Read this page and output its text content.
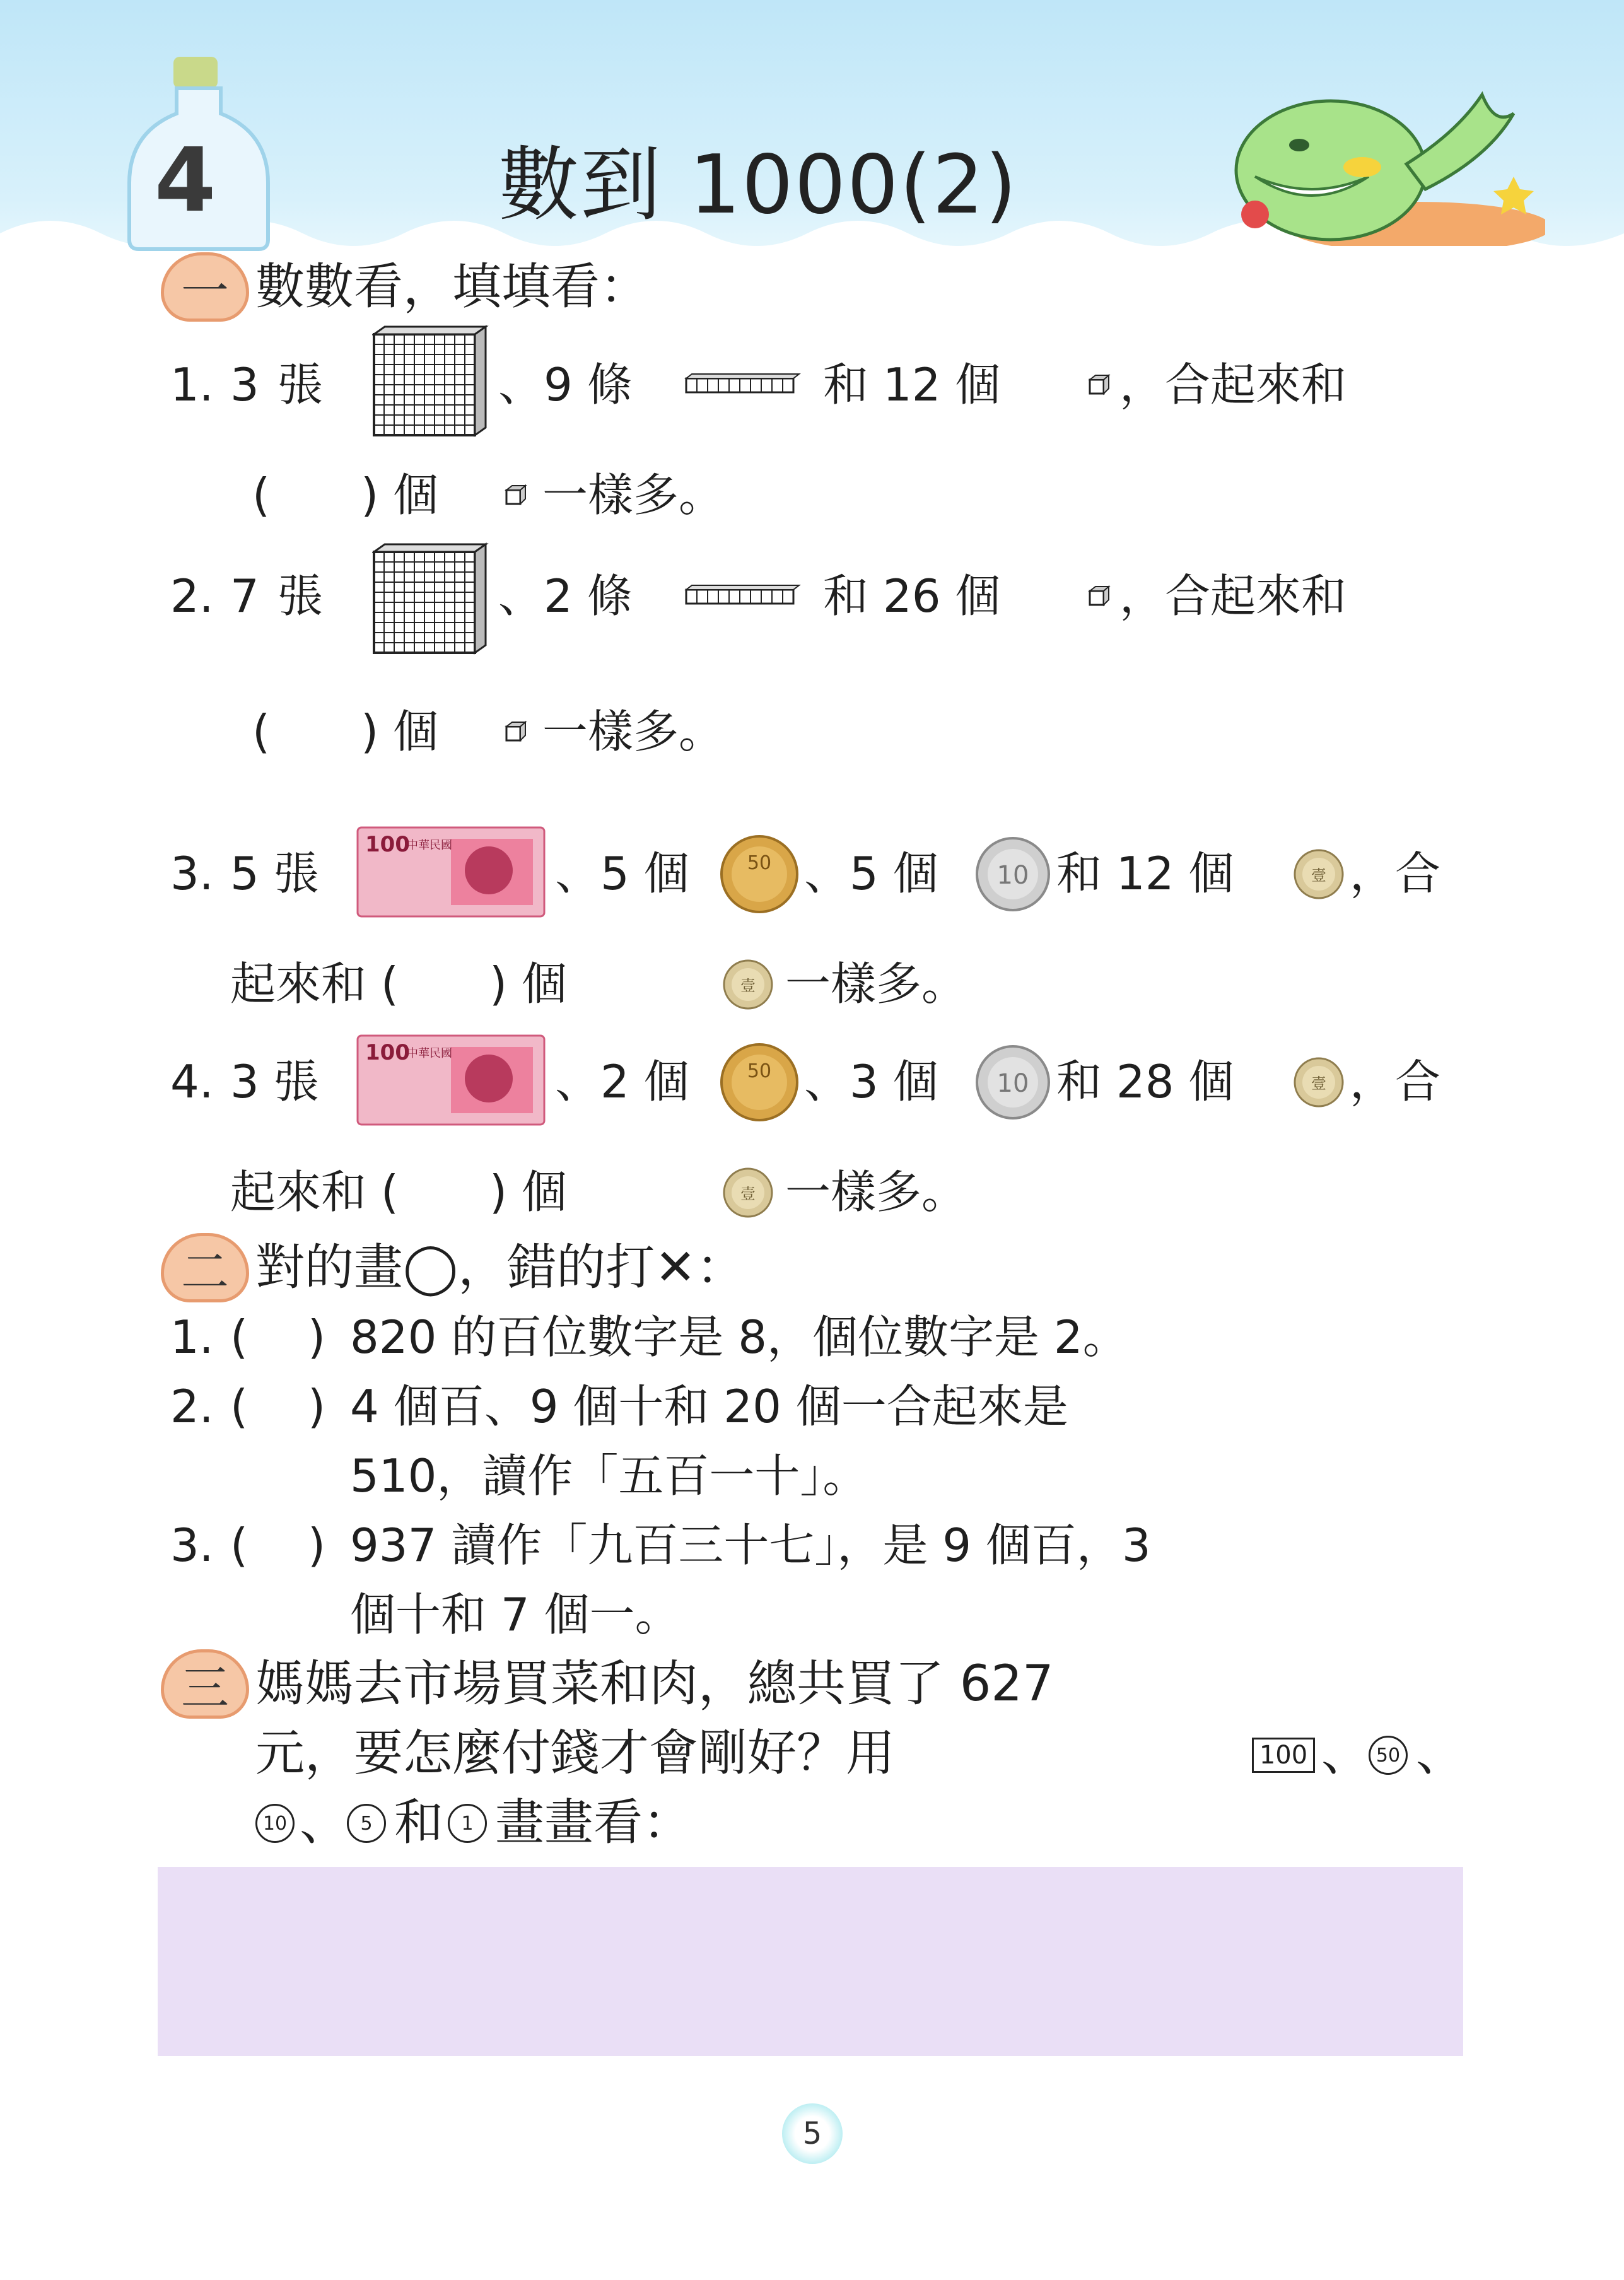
4	數到 1000(2)
一 數數看，填填看：
1. 3 張	、9 條	和 12 個	，合起來和
(　　) 個 一樣多。
2. 7 張	、2 條	和 26 個	，合起來和
(　　) 個 一樣多。
3. 5 張
100
中華民國
、5 個	50 、5 個 10 和 12 個	壹 ，合
起來和 (　　) 個	壹 一樣多。
4. 3 張
100
中華民國
、2 個	50 、3 個 10 和 28 個	壹 ，合
起來和 (　　) 個	壹 一樣多。
二 對的畫◯，錯的打✕：
1. (　 ) 820 的百位數字是 8，個位數字是 2。
2. (　 ) 4 個百、9 個十和 20 個一合起來是
510，讀作「五百一十」。
3. (　 ) 937 讀作「九百三十七」，是 9 個百，3
個十和 7 個一。
三 媽媽去市場買菜和肉，總共買了 627
元，要怎麼付錢才會剛好？用	100 、 50 、
10 、 5 和 1 畫畫看：
5
